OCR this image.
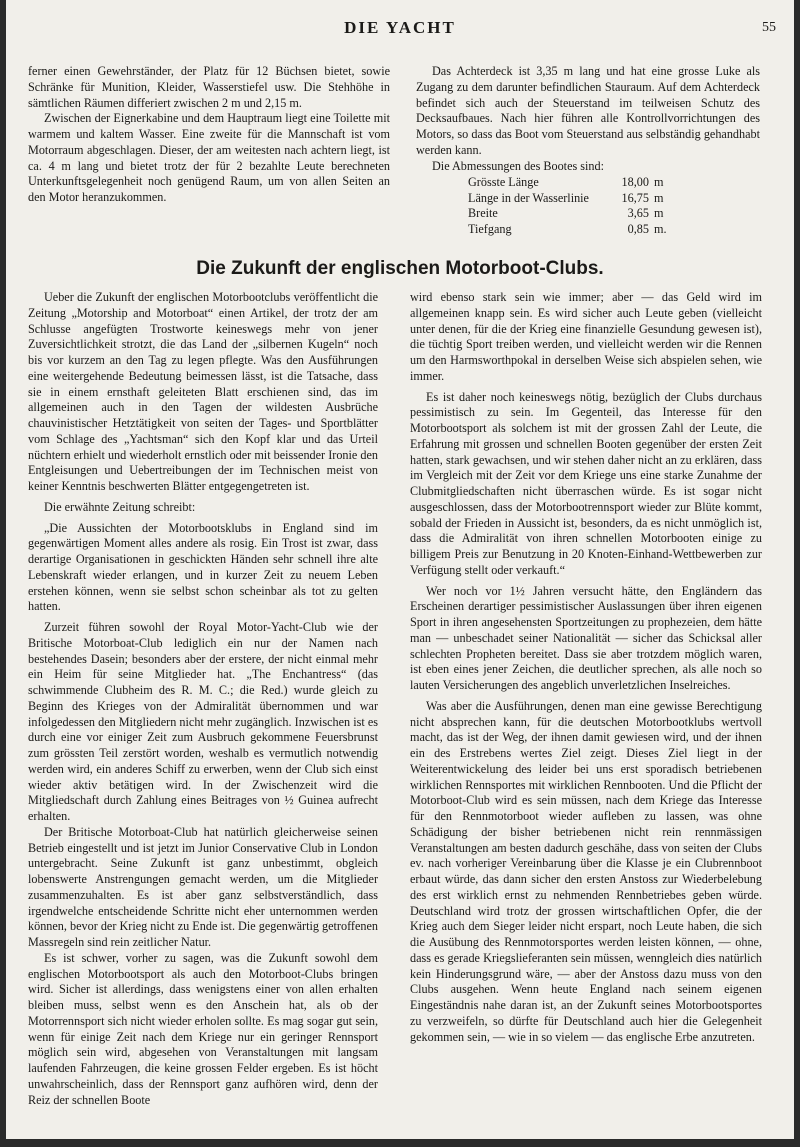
DIE YACHT	55

ferner einen Gewehrständer, der Platz für 12 Büchsen bietet, sowie Schränke für Munition, Kleider, Wasserstiefel usw. Die Stehhöhe in sämtlichen Räumen differiert zwischen 2 m und 2,15 m.

Zwischen der Eignerkabine und dem Hauptraum liegt eine Toilette mit warmem und kaltem Wasser. Eine zweite für die Mannschaft ist vom Motorraum abgeschlagen. Dieser, der am weitesten nach achtern liegt, ist ca. 4 m lang und bietet trotz der für 2 bezahlte Leute berechneten Unterkunftsgelegenheit noch genügend Raum, um von allen Seiten an den Motor heranzukommen.

Das Achterdeck ist 3,35 m lang und hat eine grosse Luke als Zugang zu dem darunter befindlichen Stauraum. Auf dem Achterdeck befindet sich auch der Steuerstand im teilweisen Schutz des Decksaufbaues. Nach hier führen alle Kontrollvorrichtungen des Motors, so dass das Boot vom Steuerstand aus selbständig gehandhabt werden kann.

Die Abmessungen des Bootes sind:

Grösste Länge	18,00	m
Länge in der Wasserlinie	16,75	m
Breite	3,65	m
Tiefgang	0,85	m.
Die Zukunft der englischen Motorboot-Clubs.

Ueber die Zukunft der englischen Motorbootclubs veröffentlicht die Zeitung „Motorship and Motorboat“ einen Artikel, der trotz der am Schlusse angefügten Trostworte keineswegs mehr von jener Zuversichtlichkeit strotzt, die das Land der „silbernen Kugeln“ noch bis vor kurzem an den Tag zu legen pflegte. Was den Ausführungen eine weitergehende Bedeutung beimessen lässt, ist die Tatsache, dass sie in einem ernsthaft geleiteten Blatt erschienen sind, das im allgemeinen auch in den Tagen der wildesten Ausbrüche chauvinistischer Hetztätigkeit von seiten der Tages- und Sportblätter vom Schlage des „Yachtsman“ sich den Kopf klar und das Urteil nüchtern erhielt und wiederholt ernstlich oder mit beissender Ironie den Entgleisungen und Uebertreibungen der im Technischen meist von keiner Kenntnis beschwerten Blätter entgegengetreten ist.

Die erwähnte Zeitung schreibt:

„Die Aussichten der Motorbootsklubs in England sind im gegenwärtigen Moment alles andere als rosig. Ein Trost ist zwar, dass derartige Organisationen in geschickten Händen sehr schnell ihre alte Lebenskraft wieder erlangen, und in kurzer Zeit zu neuem Leben erstehen können, wenn sie selbst schon scheinbar als tot zu gelten hatten.

Zurzeit führen sowohl der Royal Motor-Yacht-Club wie der Britische Motorboat-Club lediglich ein nur der Namen nach bestehendes Dasein; besonders aber der erstere, der nicht einmal mehr ein Heim für seine Mitglieder hat. „The Enchantress“ (das schwimmende Clubheim des R. M. C.; die Red.) wurde gleich zu Beginn des Krieges von der Admiralität übernommen und war infolgedessen den Mitgliedern nicht mehr zugänglich. Inzwischen ist es durch eine vor einiger Zeit zum Ausbruch gekommene Feuersbrunst zum grössten Teil zerstört worden, weshalb es vermutlich notwendig werden wird, ein anderes Schiff zu erwerben, wenn der Club sich einst wieder aktiv betätigen wird. In der Zwischenzeit wird die Mitgliedschaft durch Zahlung eines Beitrages von ½ Guinea aufrecht erhalten.

Der Britische Motorboat-Club hat natürlich gleicherweise seinen Betrieb eingestellt und ist jetzt im Junior Conservative Club in London untergebracht. Seine Zukunft ist ganz unbestimmt, obgleich lobenswerte Anstrengungen gemacht werden, um die Mitglieder zusammenzuhalten. Es ist aber ganz selbstverständlich, dass irgendwelche entscheidende Schritte nicht eher unternommen werden können, bevor der Krieg nicht zu Ende ist. Die gegenwärtig getroffenen Massregeln sind rein zeitlicher Natur.

Es ist schwer, vorher zu sagen, was die Zukunft sowohl dem englischen Motorbootsport als auch den Motorboot-Clubs bringen wird. Sicher ist allerdings, dass wenigstens einer von allen erhalten bleiben muss, selbst wenn es den Anschein hat, als ob der Motorrennsport sich nicht wieder erholen sollte. Es mag sogar gut sein, wenn für einige Zeit nach dem Kriege nur ein geringer Rennsport möglich sein wird, abgesehen von Veranstaltungen mit langsam laufenden Fahrzeugen, die keine grossen Felder ergeben. Es ist höcht unwahrscheinlich, dass der Rennsport ganz aufhören wird, denn der Reiz der schnellen Boote

wird ebenso stark sein wie immer; aber — das Geld wird im allgemeinen knapp sein. Es wird sicher auch Leute geben (vielleicht unter denen, für die der Krieg eine finanzielle Gesundung gewesen ist), die tüchtig Sport treiben werden, und vielleicht werden wir die Rennen um den Harmsworthpokal in derselben Weise sich abspielen sehen, wie immer.

Es ist daher noch keineswegs nötig, bezüglich der Clubs durchaus pessimistisch zu sein. Im Gegenteil, das Interesse für den Motorbootsport als solchem ist mit der grossen Zahl der Leute, die Erfahrung mit grossen und schnellen Booten gegenüber der ersten Zeit hatten, stark gewachsen, und wir stehen daher nicht an zu erklären, dass im Vergleich mit der Zeit vor dem Kriege uns eine starke Zunahme der Clubmitgliedschaften nicht überraschen würde. Es ist sogar nicht ausgeschlossen, dass der Motorbootrennsport wieder zur Blüte kommt, sobald der Frieden in Aussicht ist, besonders, da es nicht unmöglich ist, dass die Admiralität von ihren schnellen Motorbooten einige zu billigem Preis zur Benutzung in 20 Knoten-Einhand-Wettbewerben zur Verfügung stellt oder verkauft.“

Wer noch vor 1½ Jahren versucht hätte, den Engländern das Erscheinen derartiger pessimistischer Auslassungen über ihren eigenen Sport in ihren angesehensten Sportzeitungen zu prophezeien, dem hätte man — unbeschadet seiner Nationalität — sicher das Schicksal aller schlechten Propheten bereitet. Dass sie aber trotzdem möglich waren, ist eben eines jener Zeichen, die deutlicher sprechen, als alle noch so lauten Versicherungen des angeblich unverletzlichen Inselreiches.

Was aber die Ausführungen, denen man eine gewisse Berechtigung nicht absprechen kann, für die deutschen Motorbootklubs wertvoll macht, das ist der Weg, der ihnen damit gewiesen wird, und der ihnen ein des Erstrebens wertes Ziel zeigt. Dieses Ziel liegt in der Weiterentwickelung des leider bei uns erst sporadisch betriebenen wirklichen Rennsportes mit wirklichen Rennbooten. Und die Pflicht der Motorboot-Club wird es sein müssen, nach dem Kriege das Interesse für den Rennmotorboot wieder aufleben zu lassen, was ohne Schädigung der bisher betriebenen nicht rein rennmässigen Veranstaltungen am besten dadurch geschähe, dass von seiten der Clubs ev. nach vorheriger Vereinbarung über die Klasse je ein Clubrennboot erbaut würde, das dann sicher den ersten Anstoss zur Wiederbelebung des erst wirklich ernst zu nehmenden Rennbetriebes geben würde. Deutschland wird trotz der grossen wirtschaftlichen Opfer, die der Krieg auch dem Sieger leider nicht erspart, noch Leute haben, die sich die Ausübung des Rennmotorsportes werden leisten können, — ohne, dass es gerade Kriegslieferanten sein müssen, wenngleich dies natürlich kein Hinderungsgrund wäre, — aber der Anstoss dazu muss von den Clubs ausgehen. Wenn heute England nach seinem eigenen Eingeständnis nahe daran ist, an der Zukunft seines Motorbootsportes zu verzweifeln, so dürfte für Deutschland auch hier die Gelegenheit gekommen sein, — wie in so vielem — das englische Erbe anzutreten.
